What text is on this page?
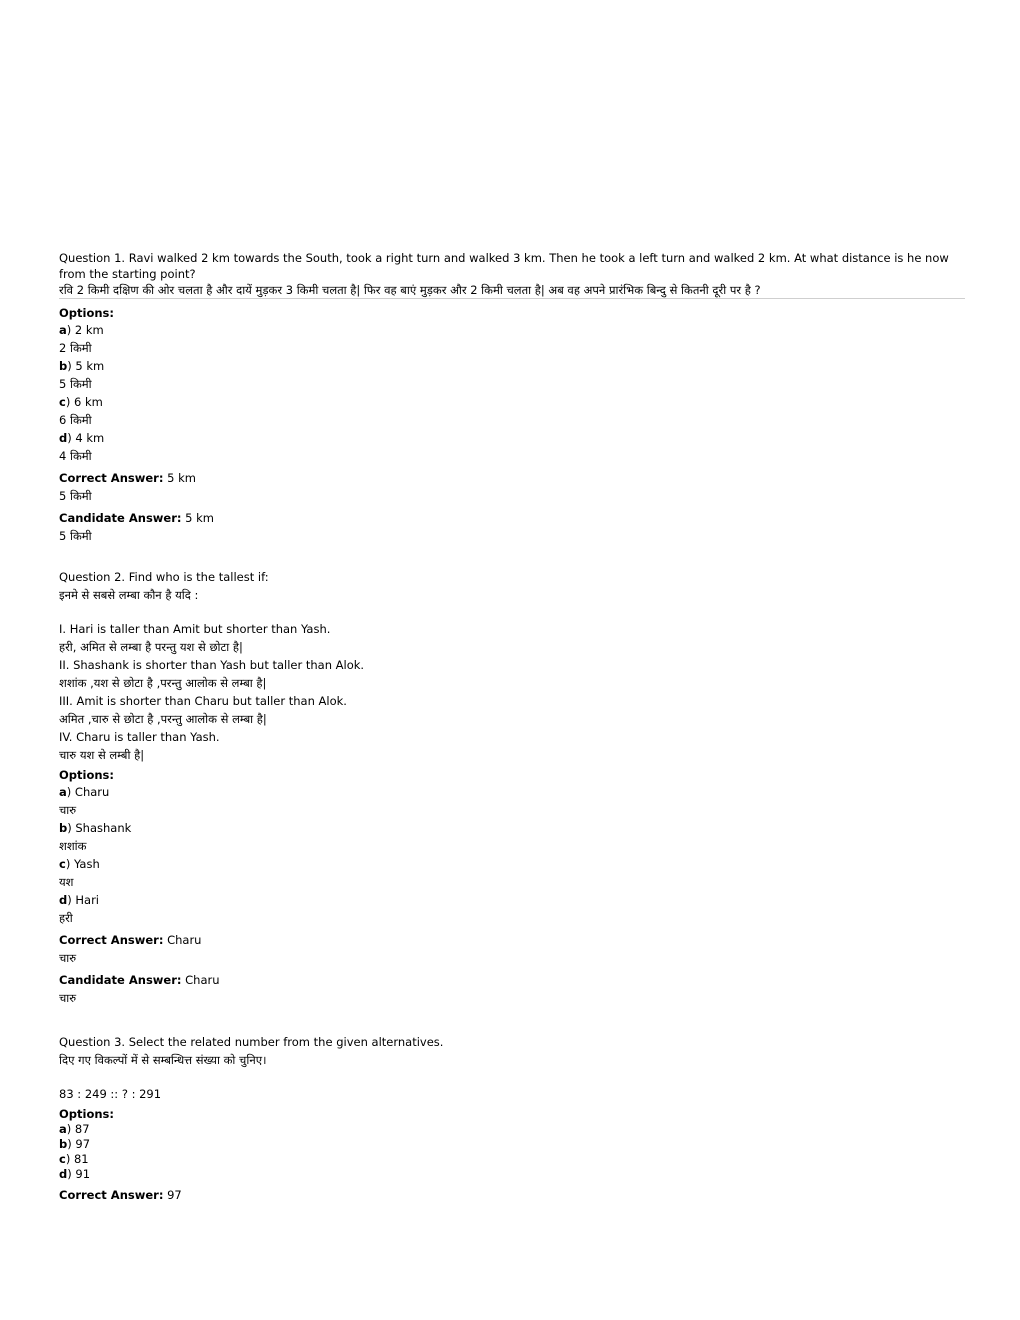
Question 1. Ravi walked 2 km towards the South, took a right turn and walked 3 km. Then he took a left turn and walked 2 km. At what distance is he now from the starting point?
रवि 2 किमी दक्षिण की ओर चलता है और दायें मुड़कर 3 किमी चलता है| फिर वह बाएं मुड़कर और 2 किमी चलता है| अब वह अपने प्रारंभिक बिन्दु से कितनी दूरी पर है ?
Options:
a) 2 km
2 किमी
b) 5 km
5 किमी
c) 6 km
6 किमी
d) 4 km
4 किमी
Correct Answer: 5 km
5 किमी
Candidate Answer: 5 km
5 किमी
Question 2. Find who is the tallest if:
इनमे से सबसे लम्बा कौन है यदि :
I. Hari is taller than Amit but shorter than Yash.
हरी, अमित से लम्बा है परन्तु यश से छोटा है|
II. Shashank is shorter than Yash but taller than Alok.
शशांक ,यश से छोटा है ,परन्तु आलोक से लम्बा है|
III. Amit is shorter than Charu but taller than Alok.
अमित ,चारु से छोटा है ,परन्तु आलोक से लम्बा है|
IV. Charu is taller than Yash.
चारु यश से लम्बी है|
Options:
a) Charu
चारु
b) Shashank
शशांक
c) Yash
यश
d) Hari
हरी
Correct Answer: Charu
चारु
Candidate Answer: Charu
चारु
Question 3. Select the related number from the given alternatives.
दिए गए विकल्पों में से सम्बन्धित्त संख्या को चुनिए।
83 : 249 :: ? : 291
Options:
a) 87
b) 97
c) 81
d) 91
Correct Answer: 97
